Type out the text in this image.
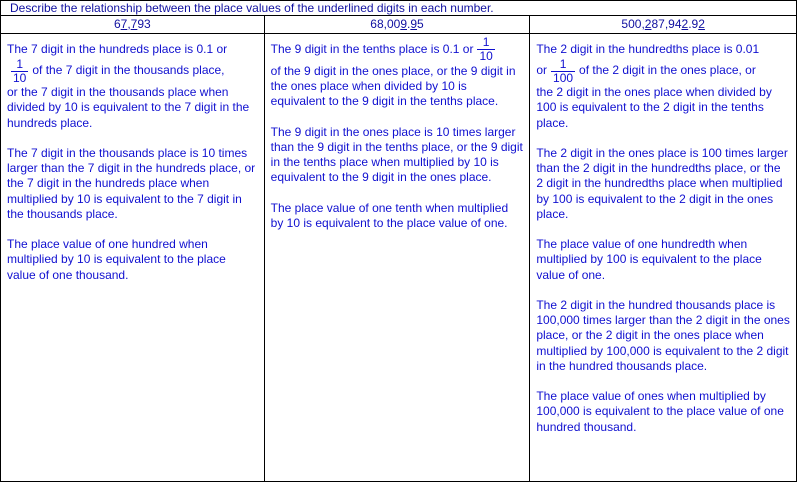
Describe the relationship between the place values of the underlined digits in each number.
67,793	68,009.95	500,287,942.92

The 7 digit in the hundreds place is 0.1 or

$\frac{1}{10}$ of the 7 digit in the thousands place,

or the 7 digit in the thousands place when divided by 10 is equivalent to the 7 digit in the hundreds place.

The 7 digit in the thousands place is 10 times larger than the 7 digit in the hundreds place, or the 7 digit in the hundreds place when multiplied by 10 is equivalent to the 7 digit in the thousands place.

The place value of one hundred when multiplied by 10 is equivalent to the place value of one thousand.

The 9 digit in the tenths place is 0.1 or $\frac{1}{10}$

of the 9 digit in the ones place, or the 9 digit in the ones place when divided by 10 is equivalent to the 9 digit in the tenths place.

The 9 digit in the ones place is 10 times larger than the 9 digit in the tenths place, or the 9 digit in the tenths place when multiplied by 10 is equivalent to the 9 digit in the ones place.

The place value of one tenth when multiplied by 10 is equivalent to the place value of one.

The 2 digit in the hundredths place is 0.01

or $\frac{1}{100}$ of the 2 digit in the ones place, or

the 2 digit in the ones place when divided by 100 is equivalent to the 2 digit in the tenths place.

The 2 digit in the ones place is 100 times larger than the 2 digit in the hundredths place, or the 2 digit in the hundredths place when multiplied by 100 is equivalent to the 2 digit in the ones place.

The place value of one hundredth when multiplied by 100 is equivalent to the place value of one.

The 2 digit in the hundred thousands place is 100,000 times larger than the 2 digit in the ones place, or the 2 digit in the ones place when multiplied by 100,000 is equivalent to the 2 digit in the hundred thousands place.

The place value of ones when multiplied by 100,000 is equivalent to the place value of one hundred thousand.
